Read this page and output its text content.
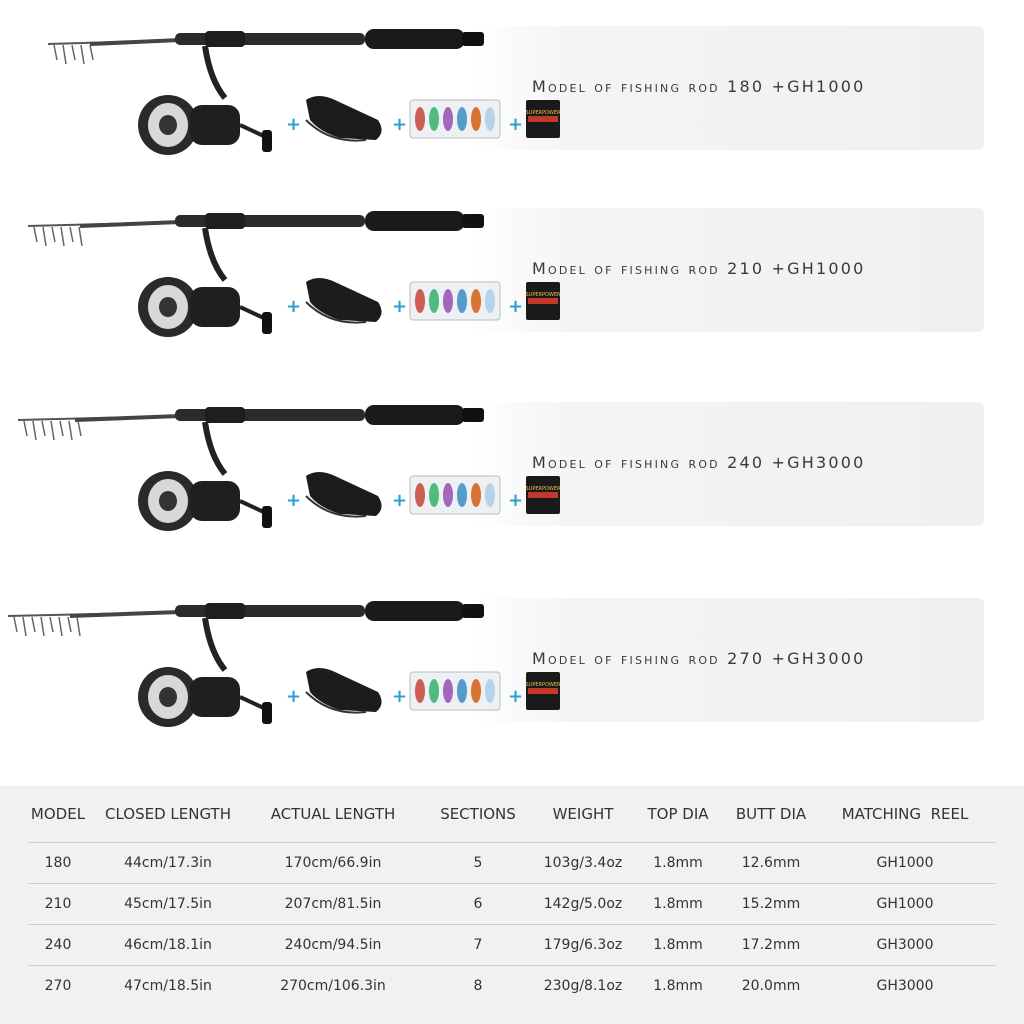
Model of fishing rod 180 +GH1000
+	+	+
SUPERPOWER
Model of fishing rod 210 +GH1000
+	+	+
SUPERPOWER
Model of fishing rod 240 +GH3000
+	+	+
SUPERPOWER
Model of fishing rod 270 +GH3000
+	+	+
SUPERPOWER
MODEL	CLOSED LENGTH	ACTUAL LENGTH	SECTIONS	WEIGHT	TOP DIA	BUTT DIA	MATCHING  REEL
180	44cm/17.3in	170cm/66.9in	5	103g/3.4oz	1.8mm	12.6mm	GH1000
210	45cm/17.5in	207cm/81.5in	6	142g/5.0oz	1.8mm	15.2mm	GH1000
240	46cm/18.1in	240cm/94.5in	7	179g/6.3oz	1.8mm	17.2mm	GH3000
270	47cm/18.5in	270cm/106.3in	8	230g/8.1oz	1.8mm	20.0mm	GH3000
